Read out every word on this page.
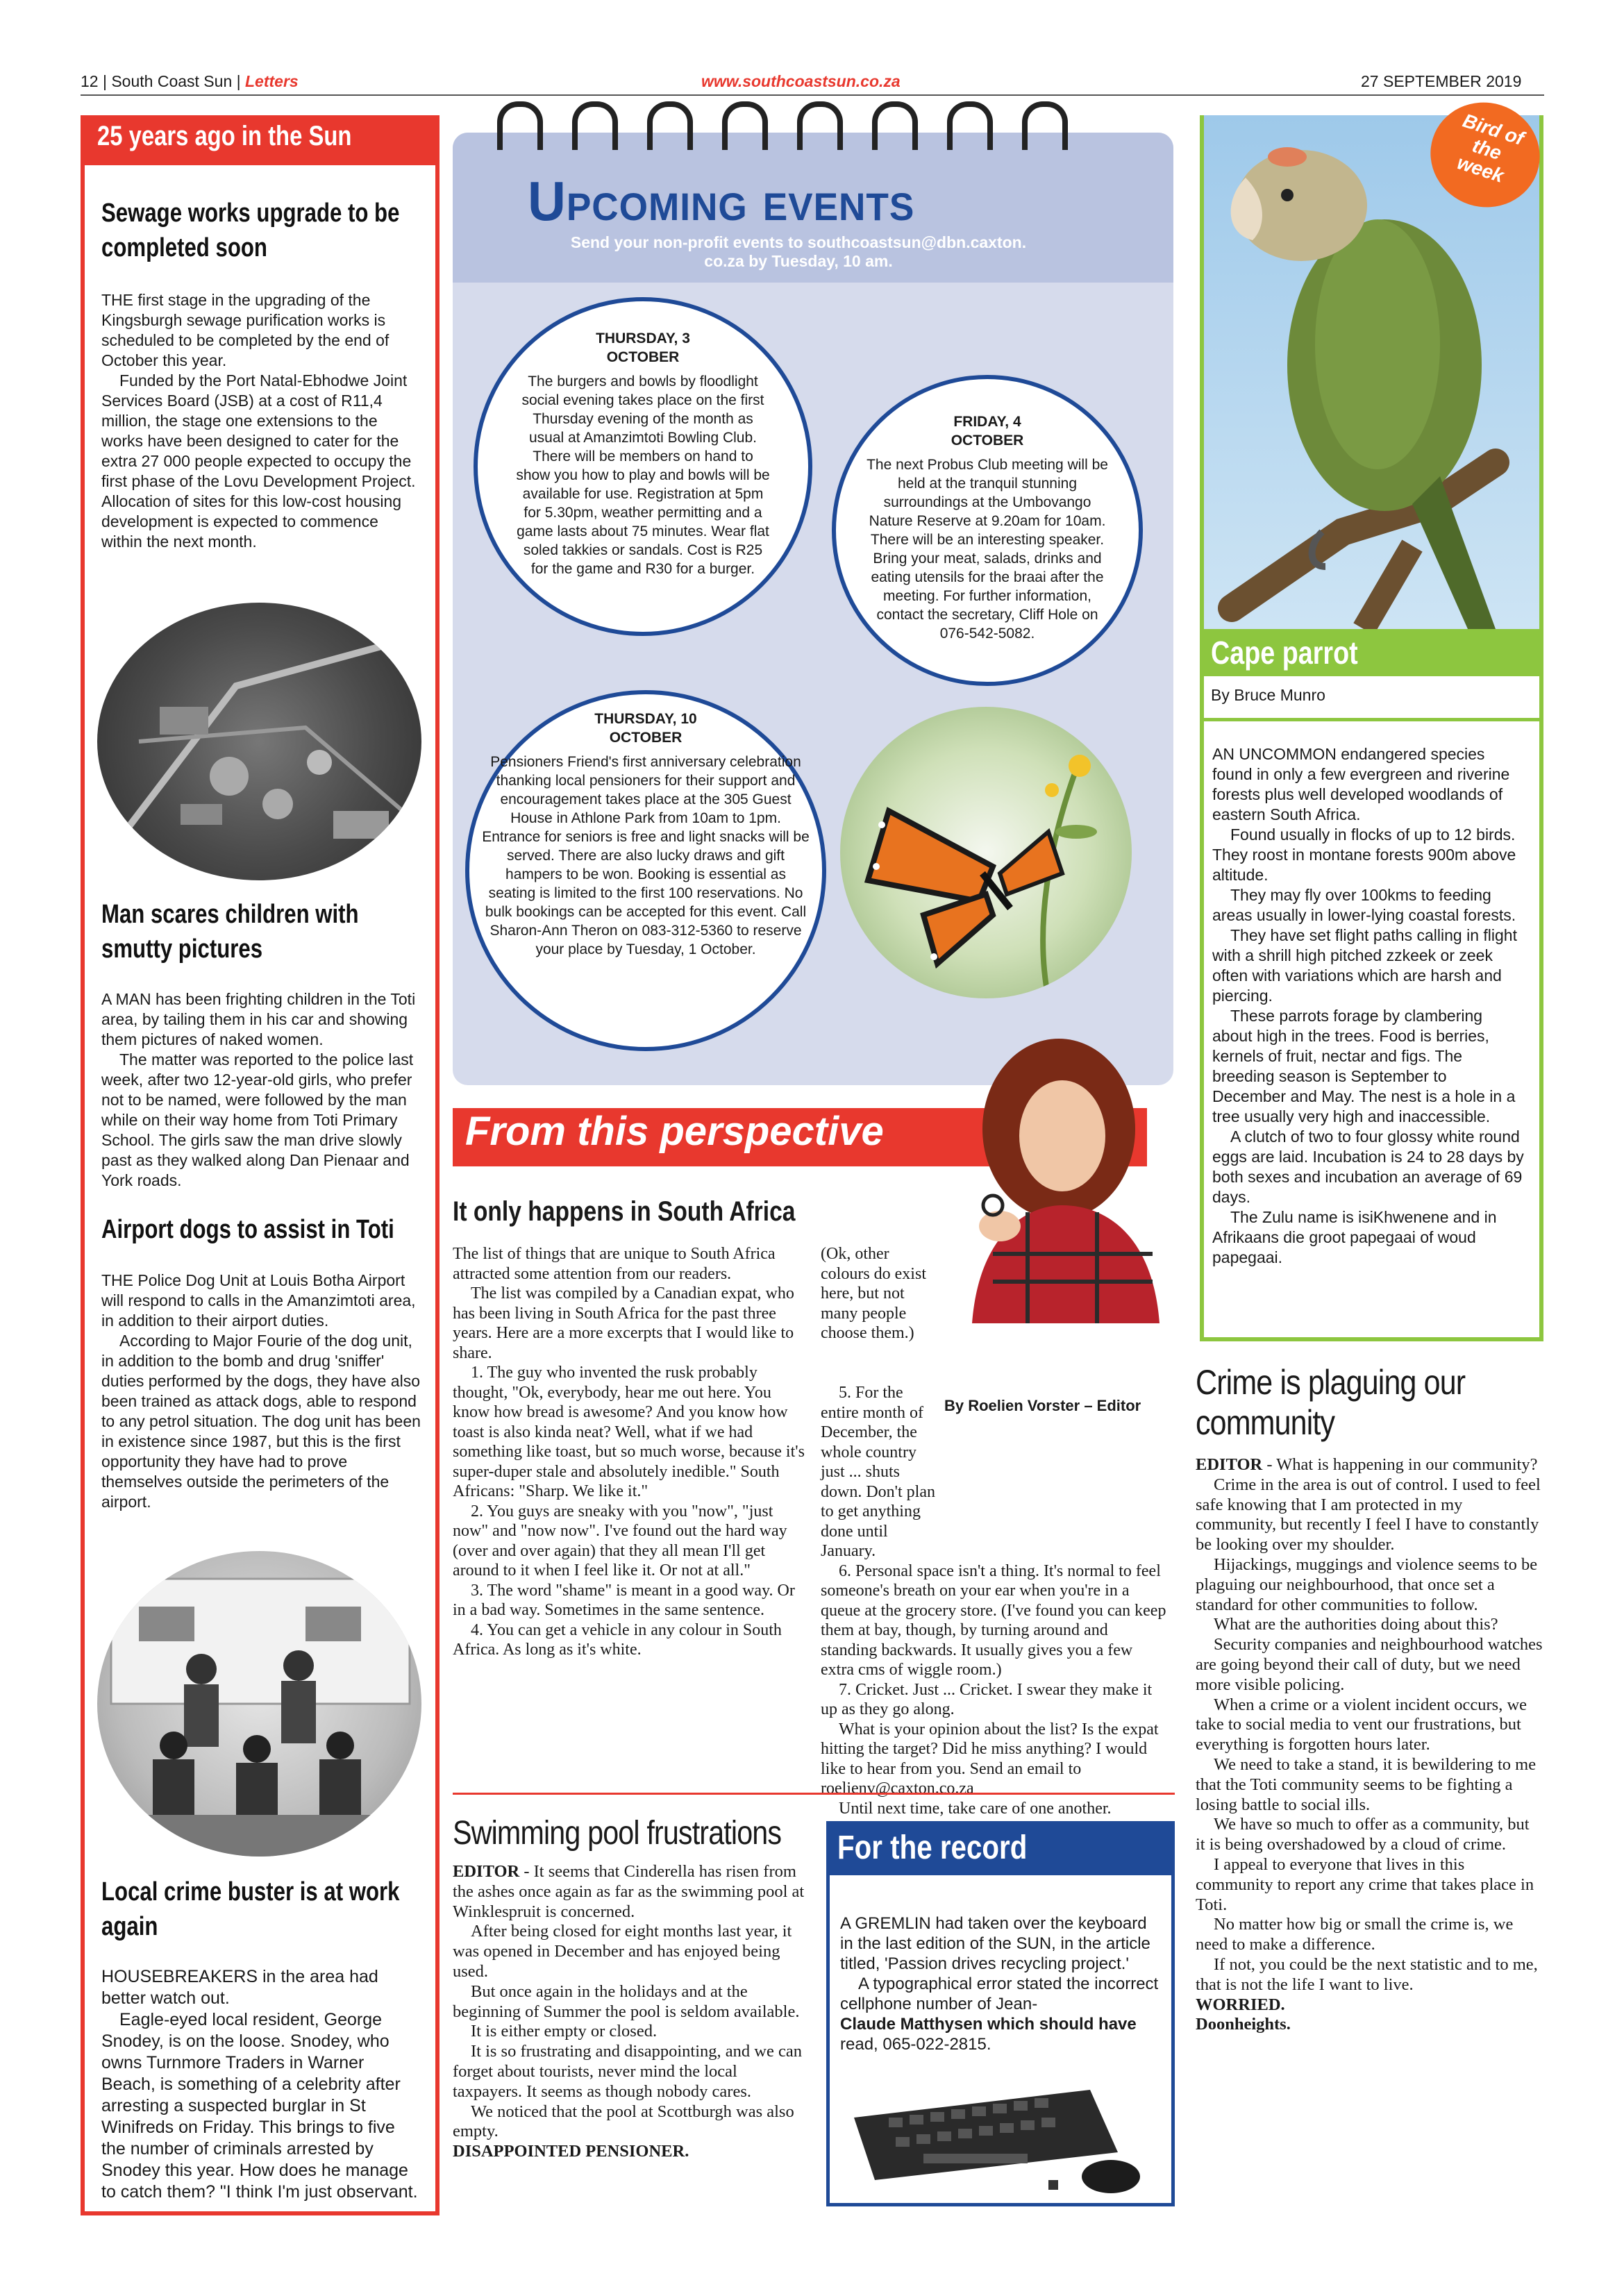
12 | South Coast Sun | Letters	www.southcoastsun.co.za	27 SEPTEMBER 2019
25 years ago in the Sun
Sewage works upgrade to be completed soon

THE first stage in the upgrading of the Kingsburgh sewage purification works is scheduled to be completed by the end of October this year.

Funded by the Port Natal-Ebhodwe Joint Services Board (JSB) at a cost of R11,4 million, the stage one extensions to the works have been designed to cater for the extra 27 000 people expected to occupy the first phase of the Lovu Development Project. Allocation of sites for this low-cost housing development is expected to commence within the next month.

Man scares children with smutty pictures

A MAN has been frighting children in the Toti area, by tailing them in his car and showing them pictures of naked women.

The matter was reported to the police last week, after two 12-year-old girls, who prefer not to be named, were followed by the man while on their way home from Toti Primary School. The girls saw the man drive slowly past as they walked along Dan Pienaar and York roads.

Airport dogs to assist in Toti

THE Police Dog Unit at Louis Botha Airport will respond to calls in the Amanzimtoti area, in addition to their airport duties.

According to Major Fourie of the dog unit, in addition to the bomb and drug 'sniffer' duties performed by the dogs, they have also been trained as attack dogs, able to respond to any petrol situation. The dog unit has been in existence since 1987, but this is the first opportunity they have had to prove themselves outside the perimeters of the airport.

Local crime buster is at work again

HOUSEBREAKERS in the area had better watch out.

Eagle-eyed local resident, George Snodey, is on the loose. Snodey, who owns Turnmore Traders in Warner Beach, is something of a celebrity after arresting a suspected burglar in St Winifreds on Friday. This brings to five the number of criminals arrested by Snodey this year. How does he manage to catch them? "I think I'm just observant.

Upcoming events
Send your non-profit events to southcoastsun@dbn.caxton.
co.za by Tuesday, 10 am.
THURSDAY, 3 OCTOBER
The burgers and bowls by floodlight social evening takes place on the first Thursday evening of the month as usual at Amanzimtoti Bowling Club. There will be members on hand to show you how to play and bowls will be available for use. Registration at 5pm for 5.30pm, weather permitting and a game lasts about 75 minutes. Wear flat soled takkies or sandals. Cost is R25 for the game and R30 for a burger.
FRIDAY, 4 OCTOBER
The next Probus Club meeting will be held at the tranquil stunning surroundings at the Umbovango Nature Reserve at 9.20am for 10am. There will be an interesting speaker. Bring your meat, salads, drinks and eating utensils for the braai after the meeting. For further information, contact the secretary, Cliff Hole on 076-542-5082.
THURSDAY, 10 OCTOBER
Pensioners Friend's first anniversary celebration thanking local pensioners for their support and encouragement takes place at the 305 Guest House in Athlone Park from 10am to 1pm. Entrance for seniors is free and light snacks will be served. There are also lucky draws and gift hampers to be won. Booking is essential as seating is limited to the first 100 reservations. No bulk bookings can be accepted for this event. Call Sharon-Ann Theron on 083-312-5360 to reserve your place by Tuesday, 1 October.
From this perspective
By Roelien Vorster – Editor
It only happens in South Africa

The list of things that are unique to South Africa attracted some attention from our readers.

The list was compiled by a Canadian expat, who has been living in South Africa for the past three years. Here are a more excerpts that I would like to share.

1. The guy who invented the rusk probably thought, "Ok, everybody, hear me out here. You know how bread is awesome? And you know how toast is also kinda neat? Well, what if we had something like toast, but so much worse, because it's super-duper stale and absolutely inedible." South Africans: "Sharp. We like it."

2. You guys are sneaky with you "now", "just now" and "now now". I've found out the hard way (over and over again) that they all mean I'll get around to it when I feel like it. Or not at all."

3. The word "shame" is meant in a good way. Or in a bad way. Sometimes in the same sentence.

4. You can get a vehicle in any colour in South Africa. As long as it's white.

(Ok, other colours do exist here, but not many people choose them.)

5. For the entire month of December, the whole country just ... shuts down. Don't plan to get anything done until January.

6. Personal space isn't a thing. It's normal to feel someone's breath on your ear when you're in a queue at the grocery store. (I've found you can keep them at bay, though, by turning around and standing backwards. It usually gives you a few extra cms of wiggle room.)

7. Cricket. Just ... Cricket. I swear they make it up as they go along.

What is your opinion about the list? Is the expat hitting the target? Did he miss anything? I would like to hear from you. Send an email to roelienv@caxton.co.za

Until next time, take care of one another.

Bird of the week
Cape parrot
By Bruce Munro

AN UNCOMMON endangered species found in only a few evergreen and riverine forests plus well developed woodlands of eastern South Africa.

Found usually in flocks of up to 12 birds. They roost in montane forests 900m above altitude.

They may fly over 100kms to feeding areas usually in lower-lying coastal forests.

They have set flight paths calling in flight with a shrill high pitched zzkeek or zeek often with variations which are harsh and piercing.

These parrots forage by clambering about high in the trees. Food is berries, kernels of fruit, nectar and figs. The breeding season is September to December and May. The nest is a hole in a tree usually very high and inaccessible.

A clutch of two to four glossy white round eggs are laid. Incubation is 24 to 28 days by both sexes and incubation an average of 69 days.

The Zulu name is isiKhwenene and in Afrikaans die groot papegaai of woud papegaai.

Crime is plaguing our community

EDITOR - What is happening in our community?

Crime in the area is out of control. I used to feel safe knowing that I am protected in my community, but recently I feel I have to constantly be looking over my shoulder.

Hijackings, muggings and violence seems to be plaguing our neighbourhood, that once set a standard for other communities to follow.

What are the authorities doing about this?

Security companies and neighbourhood watches are going beyond their call of duty, but we need more visible policing.

When a crime or a violent incident occurs, we take to social media to vent our frustrations, but everything is forgotten hours later.

We need to take a stand, it is bewildering to me that the Toti community seems to be fighting a losing battle to social ills.

We have so much to offer as a community, but it is being overshadowed by a cloud of crime.

I appeal to everyone that lives in this community to report any crime that takes place in Toti.

No matter how big or small the crime is, we need to make a difference.

If not, you could be the next statistic and to me, that is not the life I want to live.

WORRIED.

Doonheights.

Swimming pool frustrations

EDITOR - It seems that Cinderella has risen from the ashes once again as far as the swimming pool at Winklespruit is concerned.

After being closed for eight months last year, it was opened in December and has enjoyed being used.

But once again in the holidays and at the beginning of Summer the pool is seldom available.

It is either empty or closed.

It is so frustrating and disappointing, and we can forget about tourists, never mind the local taxpayers. It seems as though nobody cares.

We noticed that the pool at Scottburgh was also empty.

DISAPPOINTED PENSIONER.

For the record

A GREMLIN had taken over the keyboard in the last edition of the SUN, in the article titled, 'Passion drives recycling project.'

A typographical error stated the incorrect cellphone number of Jean-

Claude Matthysen which should have

read, 065-022-2815.
